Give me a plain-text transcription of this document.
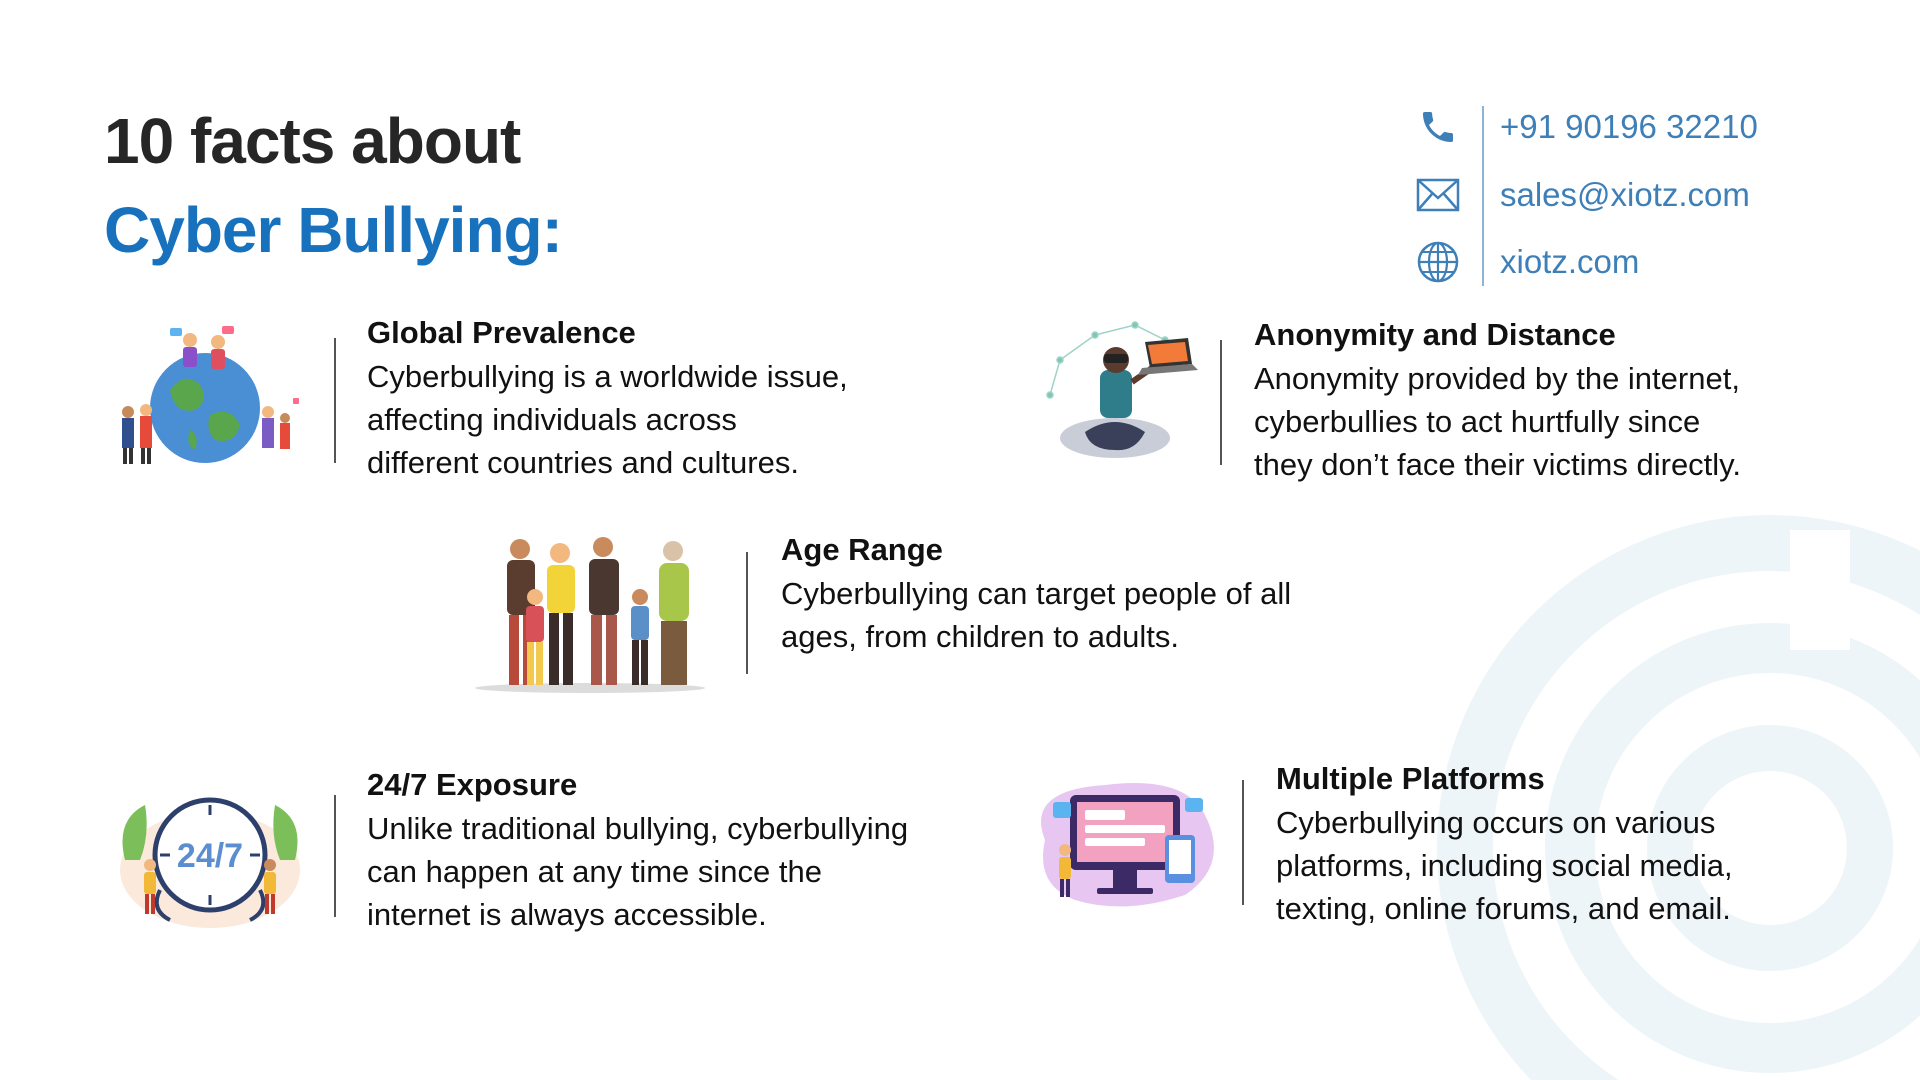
10 facts about
Cyber Bullying:
+91 90196 32210
sales@xiotz.com
xiotz.com
Global Prevalence
Cyberbullying is a worldwide issue,
affecting individuals across
different countries and cultures.
Anonymity and Distance
Anonymity provided by the internet,
cyberbullies to act hurtfully since
they don’t face their victims directly.
Age Range
Cyberbullying can target people of all
ages, from children to adults.
24/7
24/7 Exposure
Unlike traditional bullying, cyberbullying
can happen at any time since the
internet is always accessible.
Multiple Platforms
Cyberbullying occurs on various
platforms, including social media,
texting, online forums, and email.
